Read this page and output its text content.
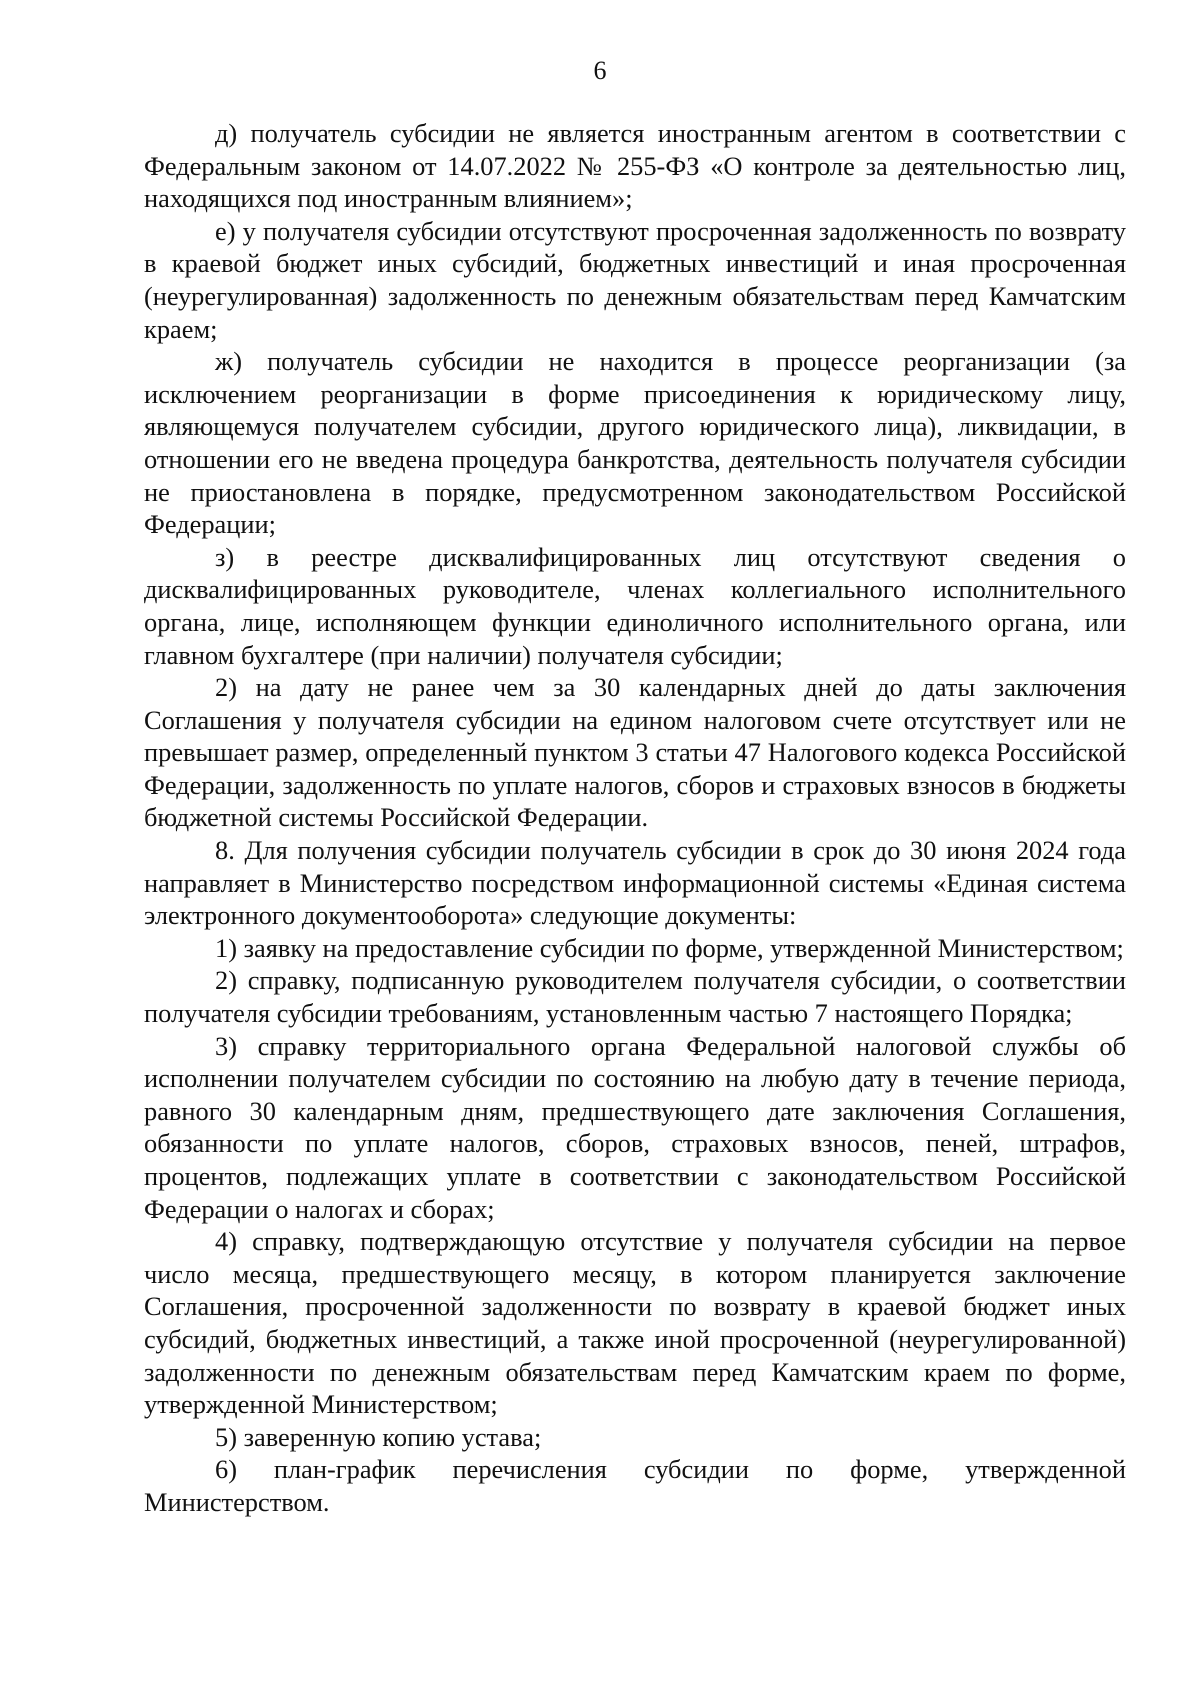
6

д) получатель субсидии не является иностранным агентом в соответствии с Федеральным законом от 14.07.2022 № 255-ФЗ «О контроле за деятельностью лиц, находящихся под иностранным влиянием»;

е) у получателя субсидии отсутствуют просроченная задолженность по возврату в краевой бюджет иных субсидий, бюджетных инвестиций и иная просроченная (неурегулированная) задолженность по денежным обязательствам перед Камчатским краем;

ж) получатель субсидии не находится в процессе реорганизации (за исключением реорганизации в форме присоединения к юридическому лицу, являющемуся получателем субсидии, другого юридического лица), ликвидации, в отношении его не введена процедура банкротства, деятельность получателя субсидии не приостановлена в порядке, предусмотренном законодательством Российской Федерации;

з) в реестре дисквалифицированных лиц отсутствуют сведения о дисквалифицированных руководителе, членах коллегиального исполнительного органа, лице, исполняющем функции единоличного исполнительного органа, или главном бухгалтере (при наличии) получателя субсидии;

2) на дату не ранее чем за 30 календарных дней до даты заключения Соглашения у получателя субсидии на едином налоговом счете отсутствует или не превышает размер, определенный пунктом 3 статьи 47 Налогового кодекса Российской Федерации, задолженность по уплате налогов, сборов и страховых взносов в бюджеты бюджетной системы Российской Федерации.

8. Для получения субсидии получатель субсидии в срок до 30 июня 2024 года направляет в Министерство посредством информационной системы «Единая система электронного документооборота» следующие документы:

1) заявку на предоставление субсидии по форме, утвержденной Министерством;

2) справку, подписанную руководителем получателя субсидии, о соответствии получателя субсидии требованиям, установленным частью 7 настоящего Порядка;

3) справку территориального органа Федеральной налоговой службы об исполнении получателем субсидии по состоянию на любую дату в течение периода, равного 30 календарным дням, предшествующего дате заключения Соглашения, обязанности по уплате налогов, сборов, страховых взносов, пеней, штрафов, процентов, подлежащих уплате в соответствии с законодательством Российской Федерации о налогах и сборах;

4) справку, подтверждающую отсутствие у получателя субсидии на первое число месяца, предшествующего месяцу, в котором планируется заключение Соглашения, просроченной задолженности по возврату в краевой бюджет иных субсидий, бюджетных инвестиций, а также иной просроченной (неурегулированной) задолженности по денежным обязательствам перед Камчатским краем по форме, утвержденной Министерством;

5) заверенную копию устава;

6) план-график перечисления субсидии по форме, утвержденной Министерством.
